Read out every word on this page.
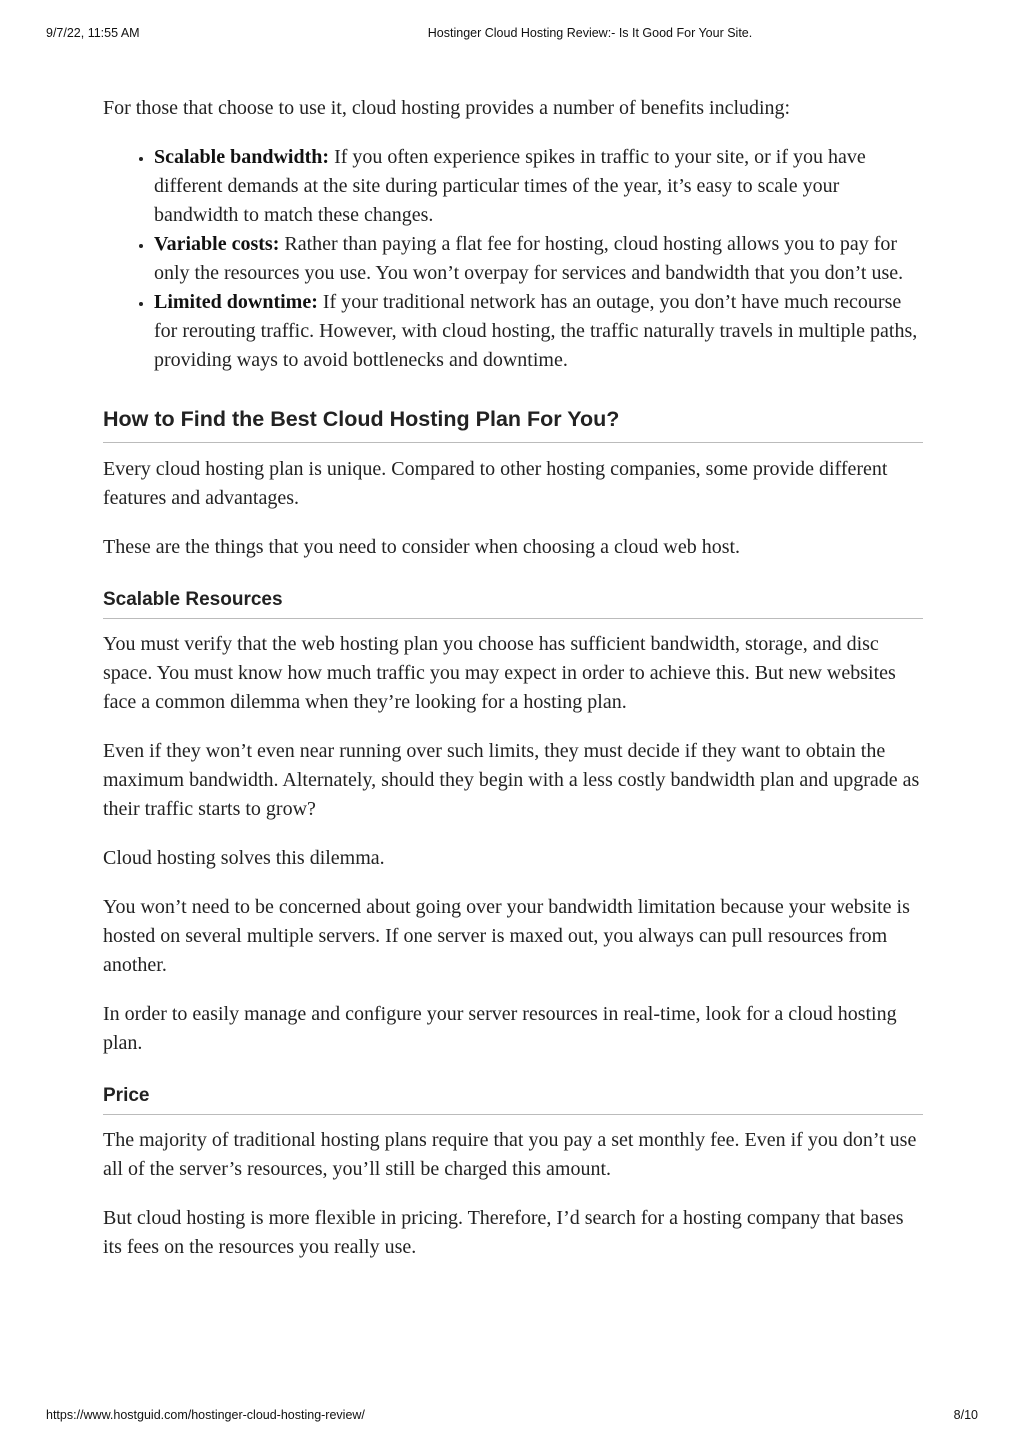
9/7/22, 11:55 AM	Hostinger Cloud Hosting Review:- Is It Good For Your Site.

For those that choose to use it, cloud hosting provides a number of benefits including:

• Scalable bandwidth: If you often experience spikes in traffic to your site, or if you have different demands at the site during particular times of the year, it’s easy to scale your bandwidth to match these changes.
• Variable costs: Rather than paying a flat fee for hosting, cloud hosting allows you to pay for only the resources you use. You won’t overpay for services and bandwidth that you don’t use.
• Limited downtime: If your traditional network has an outage, you don’t have much recourse for rerouting traffic. However, with cloud hosting, the traffic naturally travels in multiple paths, providing ways to avoid bottlenecks and downtime.
How to Find the Best Cloud Hosting Plan For You?

Every cloud hosting plan is unique. Compared to other hosting companies, some provide different features and advantages.

These are the things that you need to consider when choosing a cloud web host.

Scalable Resources

You must verify that the web hosting plan you choose has sufficient bandwidth, storage, and disc space. You must know how much traffic you may expect in order to achieve this. But new websites face a common dilemma when they’re looking for a hosting plan.

Even if they won’t even near running over such limits, they must decide if they want to obtain the maximum bandwidth. Alternately, should they begin with a less costly bandwidth plan and upgrade as their traffic starts to grow?

Cloud hosting solves this dilemma.

You won’t need to be concerned about going over your bandwidth limitation because your website is hosted on several multiple servers. If one server is maxed out, you always can pull resources from another.

In order to easily manage and configure your server resources in real-time, look for a cloud hosting plan.

Price

The majority of traditional hosting plans require that you pay a set monthly fee. Even if you don’t use all of the server’s resources, you’ll still be charged this amount.

But cloud hosting is more flexible in pricing. Therefore, I’d search for a hosting company that bases its fees on the resources you really use.

https://www.hostguid.com/hostinger-cloud-hosting-review/	8/10
